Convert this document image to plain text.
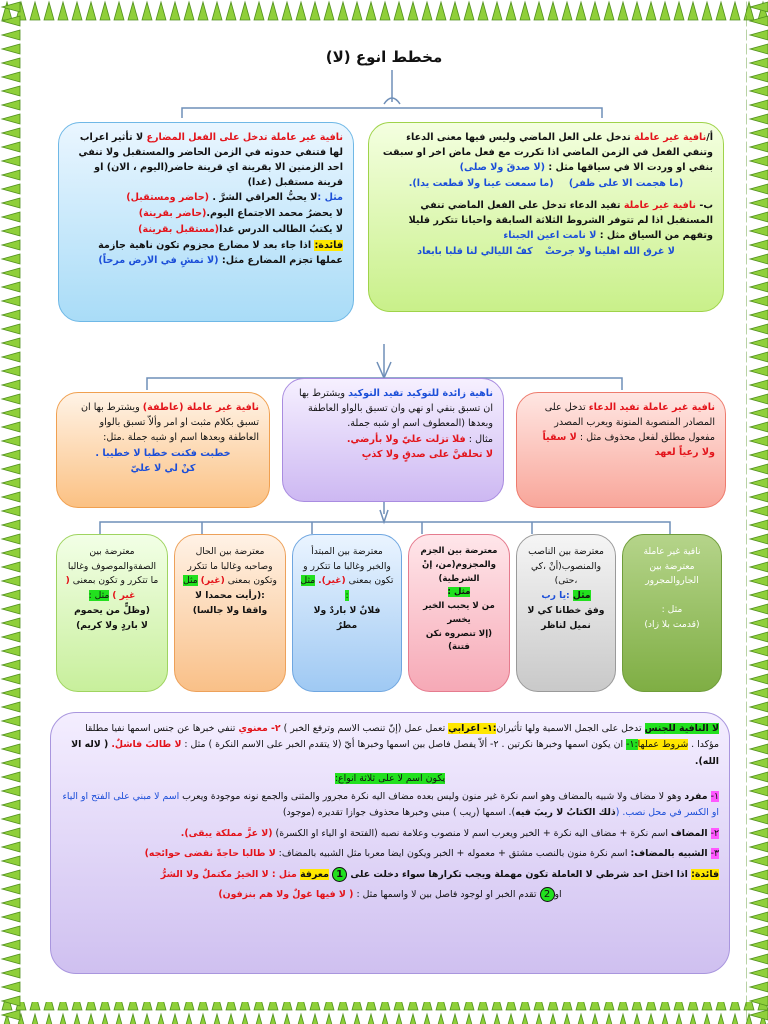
مخطط انوع (لا)

أ/نافية غير عاملة تدخل على العل الماضي وليس فيها معنى الدعاء وتنفي الفعل في الزمن الماضي اذا تكررت مع فعل ماض اخر او سبقت بنفي او وردت الا في سياقها مثل : (لا صدقَ ولا صلى)

(ما هجمت الا على ظفر)     (ما سمعت عينا ولا قطعت يدا).

ب- نافية غير عاملة تفيد الدعاء تدخل على الفعل الماضي تنفي المستقبل اذا لم تتوفر الشروط الثلاثة السابقة واحيانا تتكرر قليلا وتفهم من السياق مثل : لا نامت اعين الجبناء

لا غرق الله اهلينا ولا جرحتْ    كفّ الليالي لنا قلبا بابعاد

نافية غير عاملة تدخل على الفعل المضارع لا تأثير اعراب لها فتنفي حدوثه في الزمن الحاضر والمستقبل ولا تنفي احد الزمنين الا بقرينة اي قرينة حاضر(اليوم ، الان) او قرينة مستقبل (غدا)

مثل :لا يحبُّ العراقي الشرَّ . (حاضر ومستقبل)

لا يحضرُ محمد الاجتماع اليوم.(حاضر بقرينة)

لا يكتبُ الطالب الدرس غدا(مستقبل بقرينة)

فائدة: اذا جاء بعد لا مضارع مجزوم تكون ناهية جازمة عملها تجزم المضارع مثل: (لا تمشِ في الارض مرحاً)

نافية غير عاملة تفيد الدعاء تدخل على المصادر المنصوبة المنونة ويعرب المصدر مفعول مطلق لفعل محذوف مثل : لا سقياً ولا رعياً لعهد

ناهية زائدة للتوكيد تفيد التوكيد ويشترط بها ان تسبق بنفي او نهي وان تسبق بالواو العاطفة وبعدها (المعطوف اسم او شبه جملة.

مثال : فلا تزلت عليّ ولا بأرضي.

لا تحلفنَّ على صدقٍ ولا كذبِ

نافية غير عاملة (عاطفة) ويشترط بها ان تسبق بكلام مثبت او امر وألاّ تسبق بالواو العاطفة وبعدها اسم او شبه جملة .مثل:

خطبت فكنت خطبا لا خطيبا .

كنْ لي لا عليّ

نافية غير عاملة

معترضة بين

الجاروالمجرور

مثل :

(قدمت بلا زاد)

معترضة بين الناصب والمنصوب(أنْ ،كي ،حتى)

مثل :يا رب

وفق خطانا كي لا نميل لناظر

معترضة بين الجزم والمجزوم(من، إنْ الشرطية)

مثل :

من لا يحبب الخير يخسر

(إلا تنصروه نكن فتنة)

معترضة بين المبتدأ والخبر وغالبا ما تتكرر و تكون بمعنى (غير). مثل :

فلانٌ لا باردٌ ولا

مطرٌ

معترضة بين الحال وصاحبه وغالبا ما تتكرر وتكون بمعنى (غير) مثل

:(رأيت محمدا لا

واقفا ولا جالسا)

معترضة بين الصفةوالموصوف وغالبا ما تتكرر و تكون بمعنى ( غير ) مثل :

(وظلٍّ من يحموم

لا باردٍ ولا كريم)

لا النافية للجنس تدخل على الجمل الاسمية ولها تأثيران:١- اعرابي تعمل عمل (إنّ تنصب الاسم وترفع الخبر ) ٢- معنوي تنفي خبرها عن جنس اسمها نفيا مطلقا مؤكدا . شروط عملها:١- ان يكون اسمها وخبرها نكرتين . ٢- ألاّ يفصل فاصل بين اسمها وخبرها أيّ (لا يتقدم الخبر على الاسم النكرة ) مثل : لا طالبَ فاشلٌ. ( لاله الا الله).

يكون اسم لا على ثلاثة انواع:

١- مفرد وهو لا مضاف ولا شبيه بالمضاف وهو اسم نكرة غير منون وليس بعده مضاف اليه نكرة مجرور والمثنى والجمع نونه موجودة ويعرب اسم لا مبني على الفتح او الياء او الكسر في محل نصب. (ذلك الكتابُ لا ريبَ فيه). اسمها (ريب ) مبني وخبرها محذوف جوازا تقديره (موجود)

٢- المضاف اسم نكرة + مضاف اليه نكرة + الخبر ويعرب اسم لا منصوب وعلامة نصبه (الفتحة او الياء او الكسرة) (لا عزَّ مملكة يبقى).

٣- الشبيه بالمضاف: اسم نكرة منون بالنصب مشتق + معموله + الخبر ويكون ايضا معربا مثل الشبيه بالمضاف: لا طالبا حاجةً نقضى حوائجه)

فائدة: اذا اختل احد شرطي لا العاملة تكون مهملة ويجب تكرارها سواء دخلت على 1 معرفة مثل : لا الخيرُ مكتملٌ ولا الشرُّ

او2 تقدم الخبر او لوجود فاصل بين لا واسمها مثل : ( لا فيها غولٌ ولا هم بنزفون)
